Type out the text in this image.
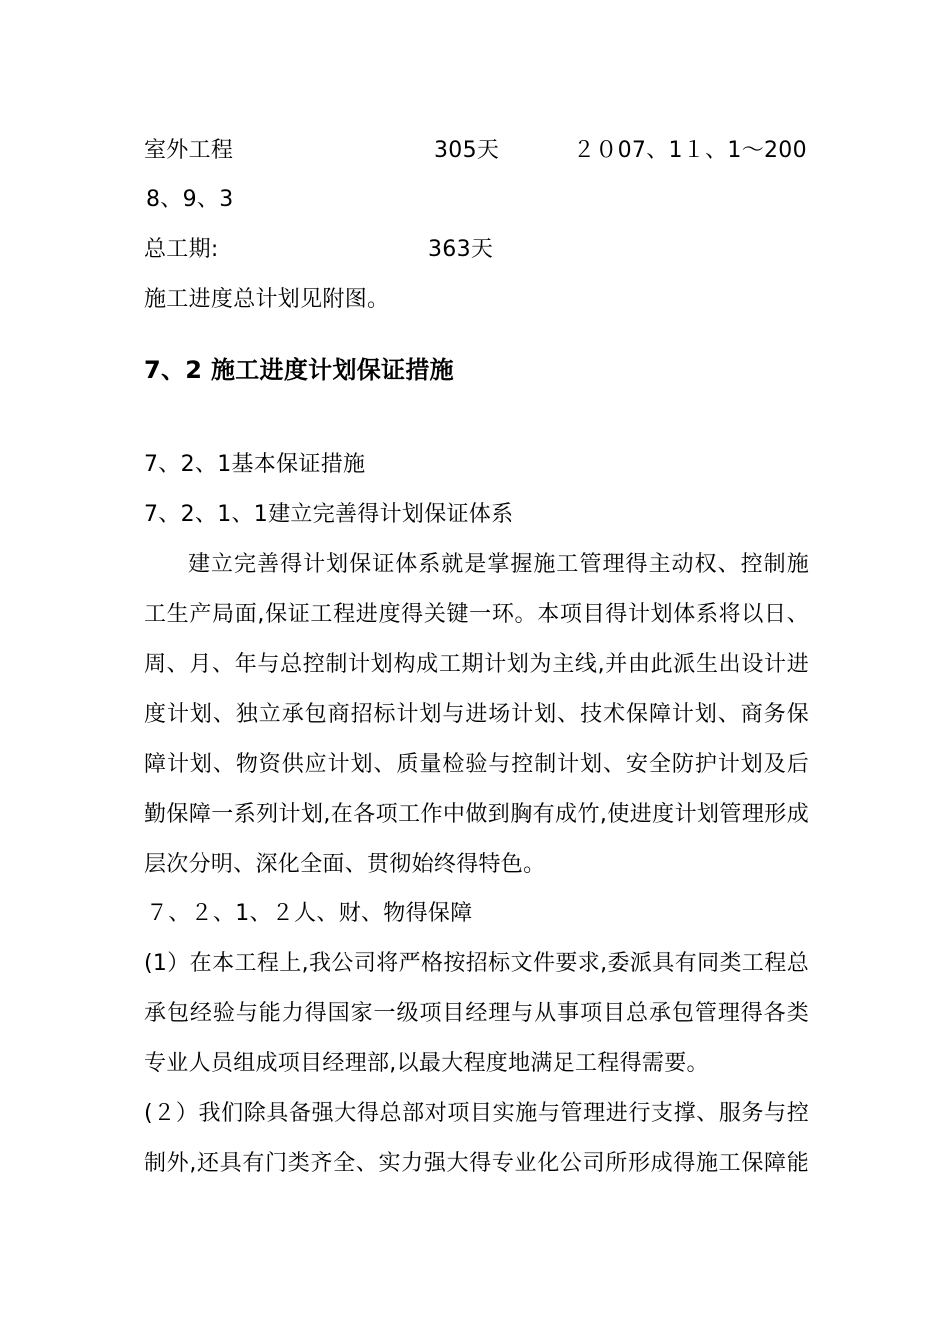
室外工程	305天	２０07、1１、1～200
8、9、3
总工期:	363天
施工进度总计划见附图。
7、2 施工进度计划保证措施
7、2、1基本保证措施
7、2、1、1建立完善得计划保证体系
建立完善得计划保证体系就是掌握施工管理得主动权、控制施
工生产局面,保证工程进度得关键一环。本项目得计划体系将以日、
周、月、年与总控制计划构成工期计划为主线,并由此派生出设计进
度计划、独立承包商招标计划与进场计划、技术保障计划、商务保
障计划、物资供应计划、质量检验与控制计划、安全防护计划及后
勤保障一系列计划,在各项工作中做到胸有成竹,使进度计划管理形成
层次分明、深化全面、贯彻始终得特色。
７、２、1、２人、财、物得保障
(1）在本工程上,我公司将严格按招标文件要求,委派具有同类工程总
承包经验与能力得国家一级项目经理与从事项目总承包管理得各类
专业人员组成项目经理部,以最大程度地满足工程得需要。
(２）我们除具备强大得总部对项目实施与管理进行支撑、服务与控
制外,还具有门类齐全、实力强大得专业化公司所形成得施工保障能
